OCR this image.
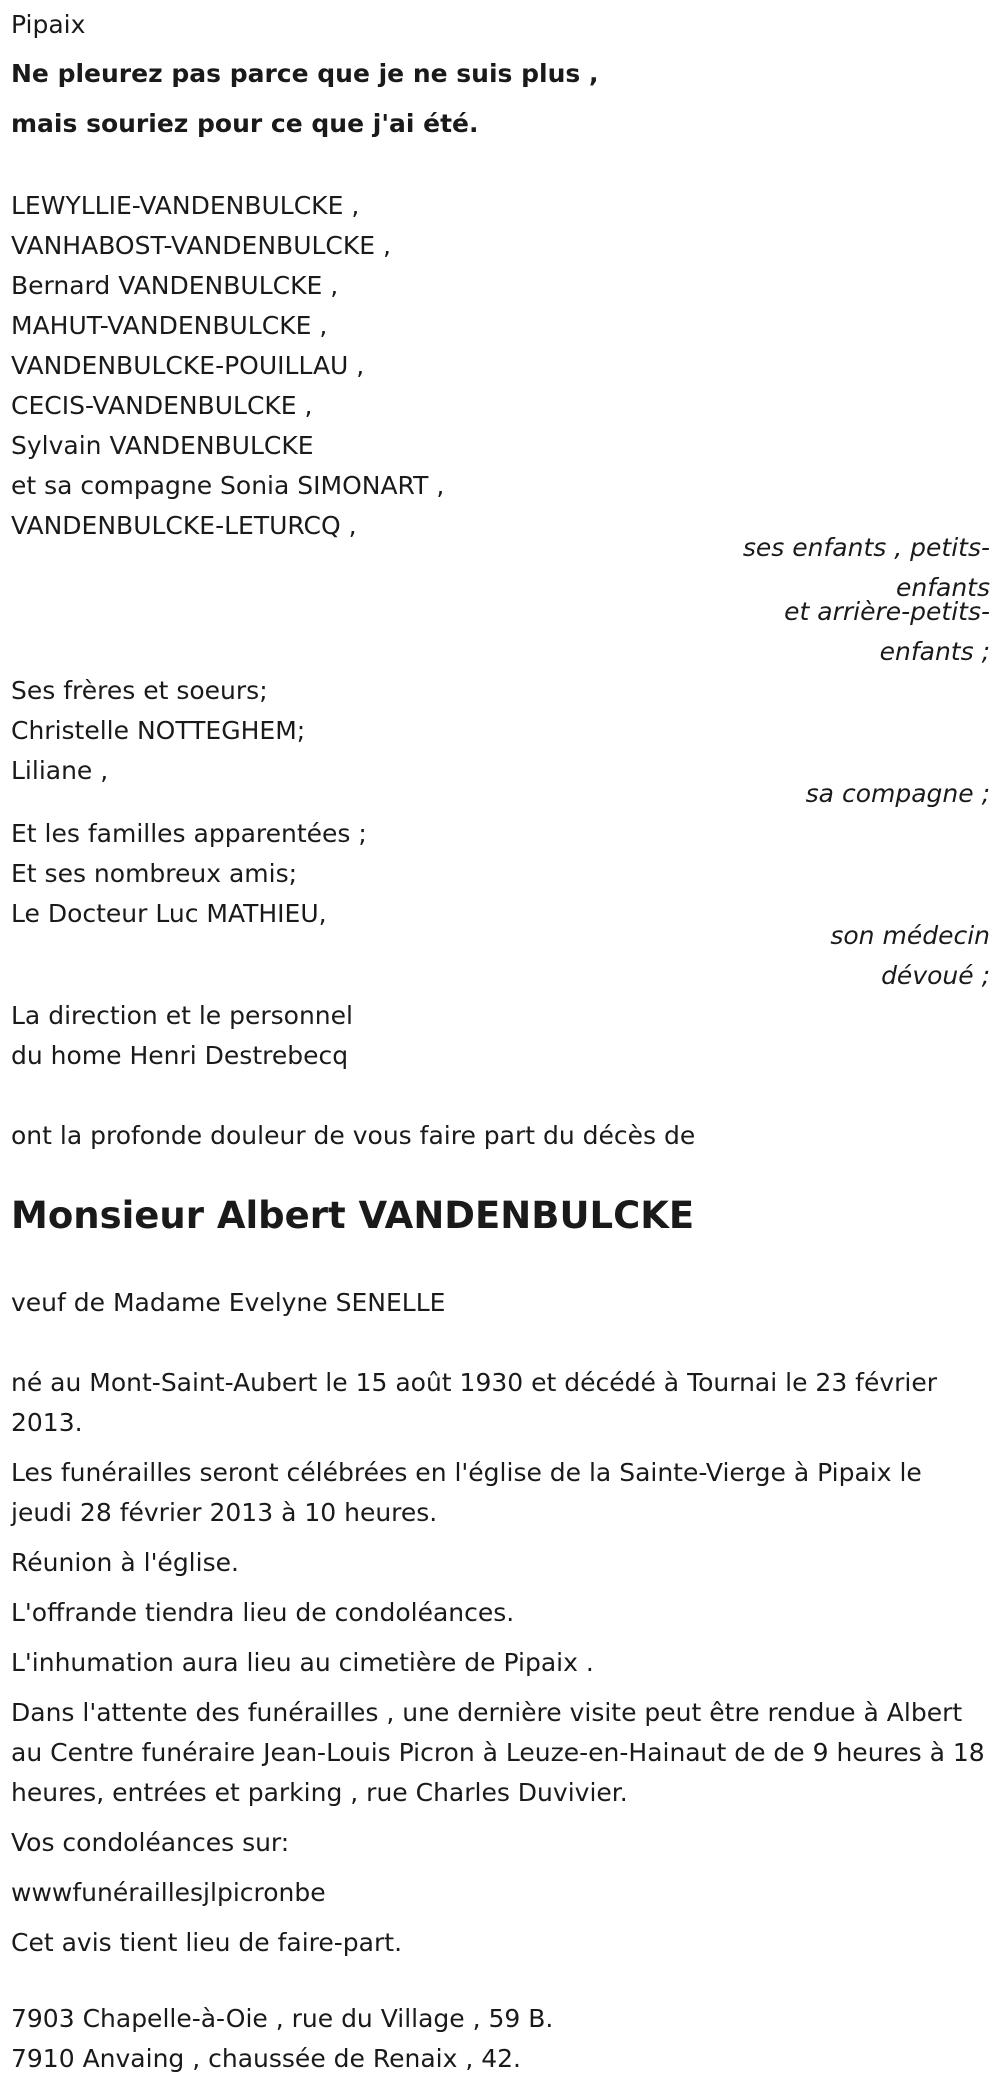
Pipaix
Ne pleurez pas parce que je ne suis plus ,
mais souriez pour ce que j'ai été.
LEWYLLIE-VANDENBULCKE ,
VANHABOST-VANDENBULCKE ,
Bernard VANDENBULCKE ,
MAHUT-VANDENBULCKE ,
VANDENBULCKE-POUILLAU ,
CECIS-VANDENBULCKE ,
Sylvain VANDENBULCKE
et sa compagne Sonia SIMONART ,
VANDENBULCKE-LETURCQ ,
ses enfants , petits-
enfants
et arrière-petits-
enfants ;
Ses frères et soeurs;
Christelle NOTTEGHEM;
Liliane ,
sa compagne ;
Et les familles apparentées ;
Et ses nombreux amis;
Le Docteur Luc MATHIEU,
son médecin
dévoué ;
La direction et le personnel
du home Henri Destrebecq
ont la profonde douleur de vous faire part du décès de
Monsieur Albert VANDENBULCKE
veuf de Madame Evelyne SENELLE
né au Mont-Saint-Aubert le 15 août 1930 et décédé à Tournai le 23 février 2013.
Les funérailles seront célébrées en l'église de la Sainte-Vierge à Pipaix le jeudi 28 février 2013 à 10 heures.
Réunion à l'église.
L'offrande tiendra lieu de condoléances.
L'inhumation aura lieu au cimetière de Pipaix .
Dans l'attente des funérailles , une dernière visite peut être rendue à Albert au Centre funéraire Jean-Louis Picron à Leuze-en-Hainaut de de 9 heures à 18 heures, entrées et parking , rue Charles Duvivier.
Vos condoléances sur:
wwwfunéraillesjlpicronbe
Cet avis tient lieu de faire-part.
7903 Chapelle-à-Oie , rue du Village , 59 B.
7910 Anvaing , chaussée de Renaix , 42.
